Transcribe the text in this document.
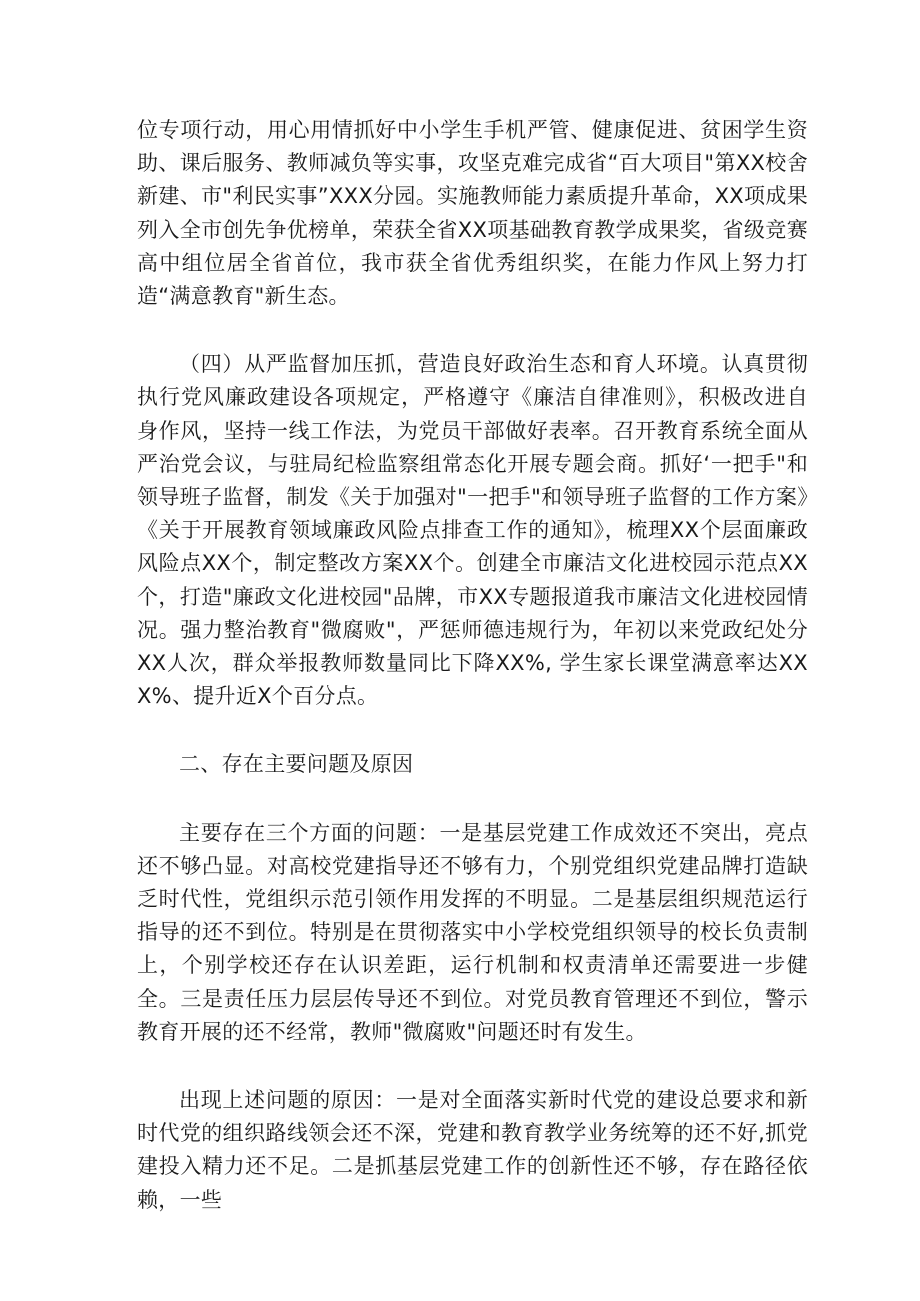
位专项行动，用心用情抓好中小学生手机严管、健康促进、贫困学生资助、课后服务、教师减负等实事，攻坚克难完成省“百大项目"第XX校舍新建、市"利民实事”XXX分园。实施教师能力素质提升革命，XX项成果列入全市创先争优榜单，荣获全省XX项基础教育教学成果奖，省级竞赛高中组位居全省首位，我市获全省优秀组织奖，在能力作风上努力打造“满意教育"新生态。

（四）从严监督加压抓，营造良好政治生态和育人环境。认真贯彻执行党风廉政建设各项规定，严格遵守《廉洁自律准则》，积极改进自身作风，坚持一线工作法，为党员干部做好表率。召开教育系统全面从严治党会议，与驻局纪检监察组常态化开展专题会商。抓好‘一把手"和领导班子监督，制发《关于加强对"一把手"和领导班子监督的工作方案》《关于开展教育领域廉政风险点排查工作的通知》，梳理XX个层面廉政风险点XX个，制定整改方案XX个。创建全市廉洁文化进校园示范点XX个，打造"廉政文化进校园"品牌，市XX专题报道我市廉洁文化进校园情况。强力整治教育"微腐败"，严惩师德违规行为，年初以来党政纪处分XX人次，群众举报教师数量同比下降XX%, 学生家长课堂满意率达XXX%、提升近X个百分点。

二、存在主要问题及原因

主要存在三个方面的问题：一是基层党建工作成效还不突出，亮点还不够凸显。对高校党建指导还不够有力，个别党组织党建品牌打造缺乏时代性，党组织示范引领作用发挥的不明显。二是基层组织规范运行指导的还不到位。特别是在贯彻落实中小学校党组织领导的校长负责制上，个别学校还存在认识差距，运行机制和权责清单还需要进一步健全。三是责任压力层层传导还不到位。对党员教育管理还不到位，警示教育开展的还不经常，教师"微腐败"问题还时有发生。

出现上述问题的原因：一是对全面落实新时代党的建设总要求和新时代党的组织路线领会还不深，党建和教育教学业务统筹的还不好,抓党建投入精力还不足。二是抓基层党建工作的创新性还不够，存在路径依赖，一些
